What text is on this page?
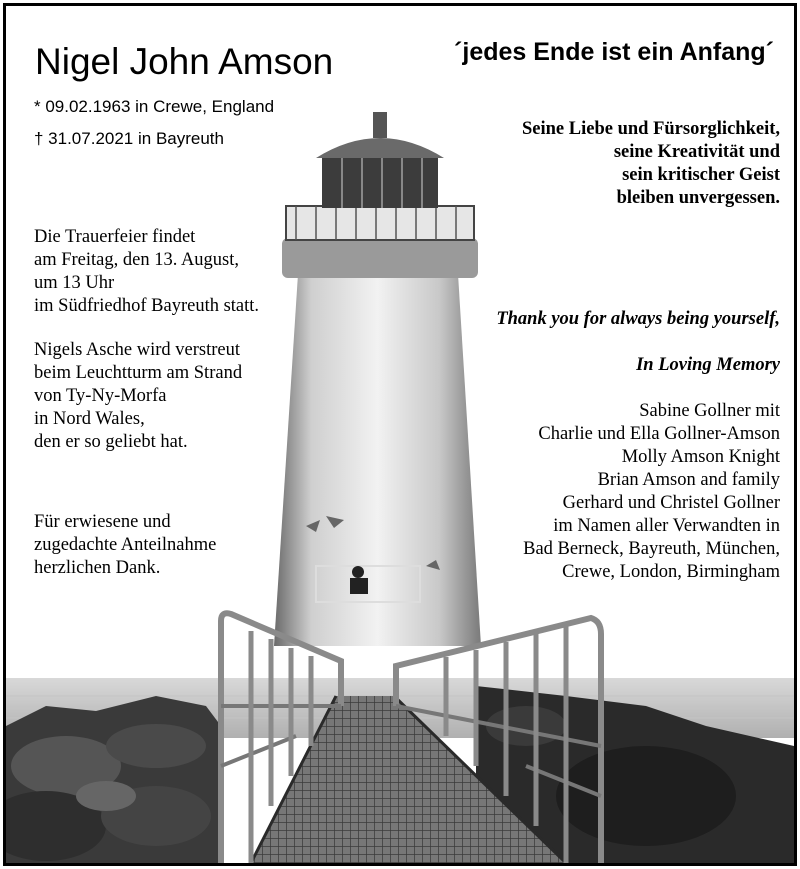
Nigel John Amson	´jedes Ende ist ein Anfang´
* 09.02.1963 in Crewe, England
† 31.07.2021 in Bayreuth	Seine Liebe und Fürsorglichkeit,
seine Kreativität und
sein kritischer Geist
bleiben unvergessen.
Die Trauerfeier findet
am Freitag, den 13. August,
um 13 Uhr
im Südfriedhof Bayreuth statt.
Nigels Asche wird verstreut
beim Leuchtturm am Strand
von Ty-Ny-Morfa
in Nord Wales,
den er so geliebt hat.
Für erwiesene und
zugedachte Anteilnahme
herzlichen Dank.
Thank you for always being yourself,
In Loving Memory
Sabine Gollner mit
Charlie und Ella Gollner-Amson
Molly Amson Knight
Brian Amson and family
Gerhard und Christel Gollner
im Namen aller Verwandten in
Bad Berneck, Bayreuth, München,
Crewe, London, Birmingham
